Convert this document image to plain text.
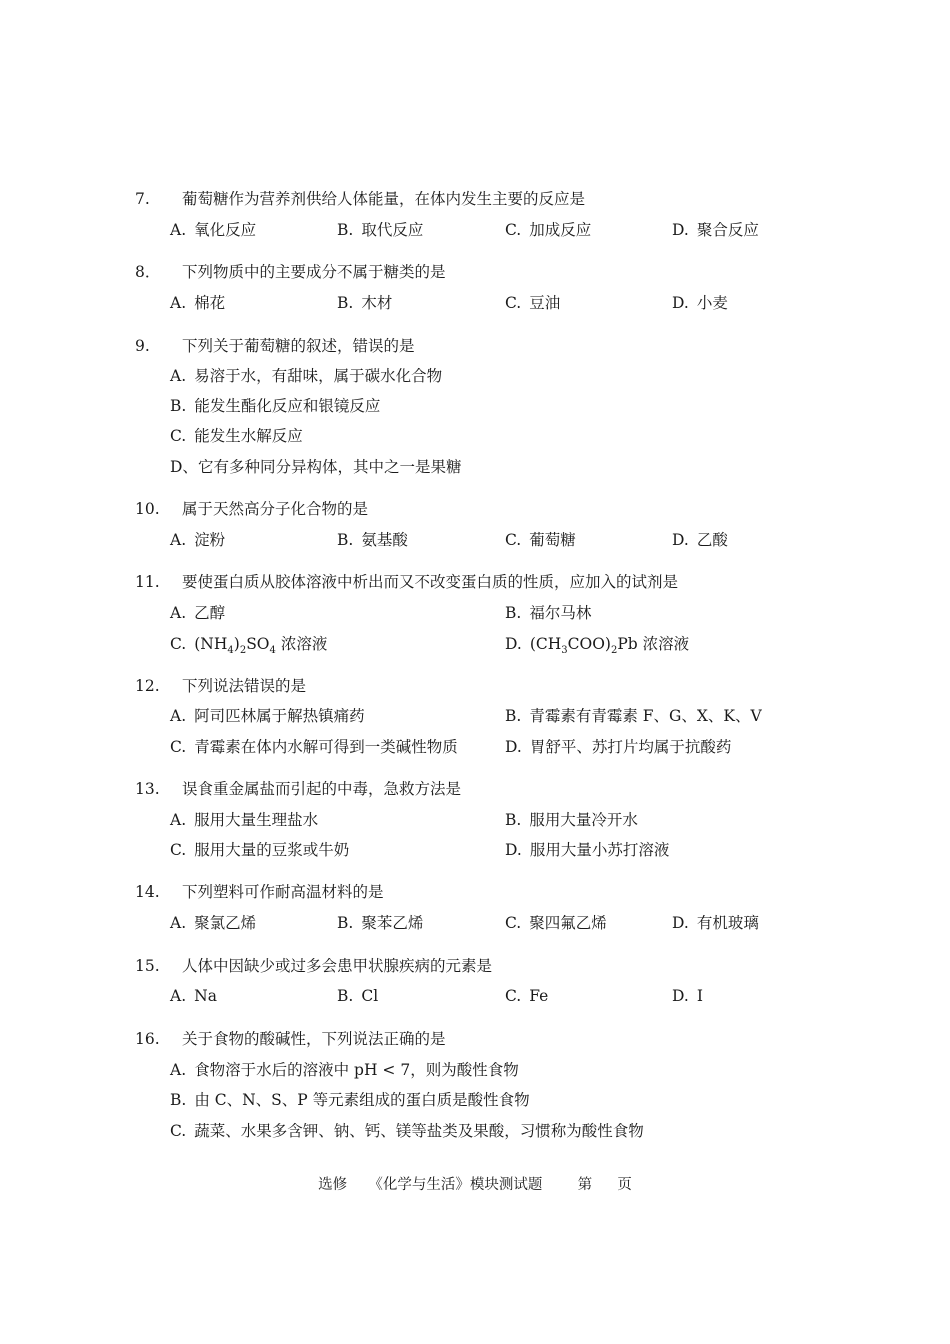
7. 葡萄糖作为营养剂供给人体能量，在体内发生主要的反应是
A. 氧化反应	B. 取代反应	C. 加成反应	D. 聚合反应
8． 下列物质中的主要成分不属于糖类的是
A. 棉花	B. 木材	C. 豆油	D. 小麦
9. 下列关于葡萄糖的叙述，错误的是
A. 易溶于水，有甜味，属于碳水化合物
B. 能发生酯化反应和银镜反应
C. 能发生水解反应
D、它有多种同分异构体，其中之一是果糖
10. 属于天然高分子化合物的是
A. 淀粉	B. 氨基酸	C. 葡萄糖	D. 乙酸
11. 要使蛋白质从胶体溶液中析出而又不改变蛋白质的性质，应加入的试剂是
A. 乙醇	B. 福尔马林
C. $(NH_4)_2SO_4$ 浓溶液	D. $(CH_3COO)_2Pb$ 浓溶液
12. 下列说法错误的是
A. 阿司匹林属于解热镇痛药	B. 青霉素有青霉素 F、G、X、K、V
C. 青霉素在体内水解可得到一类碱性物质	D. 胃舒平、苏打片均属于抗酸药
13. 误食重金属盐而引起的中毒，急救方法是
A. 服用大量生理盐水	B. 服用大量冷开水
C. 服用大量的豆浆或牛奶	D. 服用大量小苏打溶液
14. 下列塑料可作耐高温材料的是
A. 聚氯乙烯	B. 聚苯乙烯	C. 聚四氟乙烯	D. 有机玻璃
15. 人体中因缺少或过多会患甲状腺疾病的元素是
A. Na	B. Cl	C. Fe	D. I
16. 关于食物的酸碱性，下列说法正确的是
A. 食物溶于水后的溶液中 pH < 7，则为酸性食物
B. 由 C、N、S、P 等元素组成的蛋白质是酸性食物
C. 蔬菜、水果多含钾、钠、钙、镁等盐类及果酸，习惯称为酸性食物
选修 《化学与生活》模块测试题 第 页
